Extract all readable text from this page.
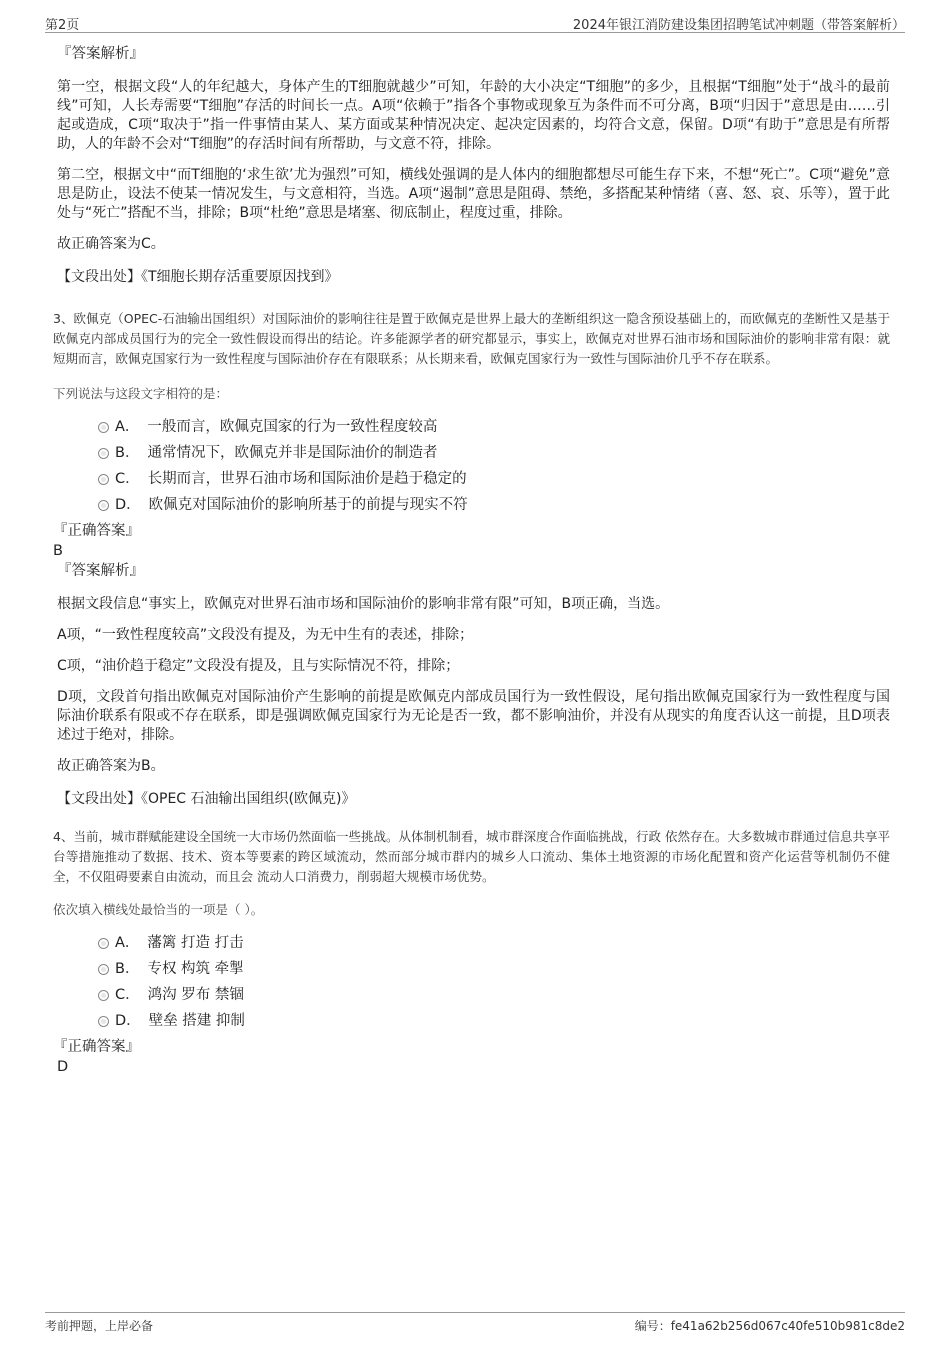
第2页	2024年银江消防建设集团招聘笔试冲刺题（带答案解析）

『答案解析』

第一空，根据文段“人的年纪越大，身体产生的T细胞就越少”可知，年龄的大小决定“T细胞”的多少，且根据“T细胞”处于“战斗的最前线”可知，人长寿需要“T细胞”存活的时间长一点。A项“依赖于”指各个事物或现象互为条件而不可分离，B项“归因于”意思是由……引起或造成，C项“取决于”指一件事情由某人、某方面或某种情况决定、起决定因素的，均符合文意，保留。D项“有助于”意思是有所帮助，人的年龄不会对“T细胞”的存活时间有所帮助，与文意不符，排除。

第二空，根据文中“而T细胞的‘求生欲’尤为强烈”可知，横线处强调的是人体内的细胞都想尽可能生存下来，不想“死亡”。C项“避免”意思是防止，设法不使某一情况发生，与文意相符，当选。A项“遏制”意思是阻碍、禁绝，多搭配某种情绪（喜、怒、哀、乐等），置于此处与“死亡”搭配不当，排除；B项“杜绝”意思是堵塞、彻底制止，程度过重，排除。

故正确答案为C。

【文段出处】《T细胞长期存活重要原因找到》

3、欧佩克（OPEC-石油输出国组织）对国际油价的影响往往是置于欧佩克是世界上最大的垄断组织这一隐含预设基础上的，而欧佩克的垄断性又是基于欧佩克内部成员国行为的完全一致性假设而得出的结论。许多能源学者的研究都显示，事实上，欧佩克对世界石油市场和国际油价的影响非常有限：就短期而言，欧佩克国家行为一致性程度与国际油价存在有限联系；从长期来看，欧佩克国家行为一致性与国际油价几乎不存在联系。

下列说法与这段文字相符的是：

A． 一般而言，欧佩克国家的行为一致性程度较高
B． 通常情况下，欧佩克并非是国际油价的制造者
C． 长期而言，世界石油市场和国际油价是趋于稳定的
D． 欧佩克对国际油价的影响所基于的前提与现实不符

『正确答案』

B

『答案解析』

根据文段信息“事实上，欧佩克对世界石油市场和国际油价的影响非常有限”可知，B项正确，当选。

A项，“一致性程度较高”文段没有提及，为无中生有的表述，排除；

C项，“油价趋于稳定”文段没有提及，且与实际情况不符，排除；

D项，文段首句指出欧佩克对国际油价产生影响的前提是欧佩克内部成员国行为一致性假设，尾句指出欧佩克国家行为一致性程度与国际油价联系有限或不存在联系，即是强调欧佩克国家行为无论是否一致，都不影响油价，并没有从现实的角度否认这一前提，且D项表述过于绝对，排除。

故正确答案为B。

【文段出处】《OPEC 石油输出国组织(欧佩克)》

4、当前，城市群赋能建设全国统一大市场仍然面临一些挑战。从体制机制看，城市群深度合作面临挑战，行政 依然存在。大多数城市群通过信息共享平台等措施推动了数据、技术、资本等要素的跨区域流动，然而部分城市群内的城乡人口流动、集体土地资源的市场化配置和资产化运营等机制仍不健全，不仅阻碍要素自由流动，而且会 流动人口消费力，削弱超大规模市场优势。

依次填入横线处最恰当的一项是（ ）。

A． 藩篱 打造 打击
B． 专权 构筑 牵掣
C． 鸿沟 罗布 禁锢
D． 壁垒 搭建 抑制

『正确答案』

D

考前押题，上岸必备	编号：fe41a62b256d067c40fe510b981c8de2
